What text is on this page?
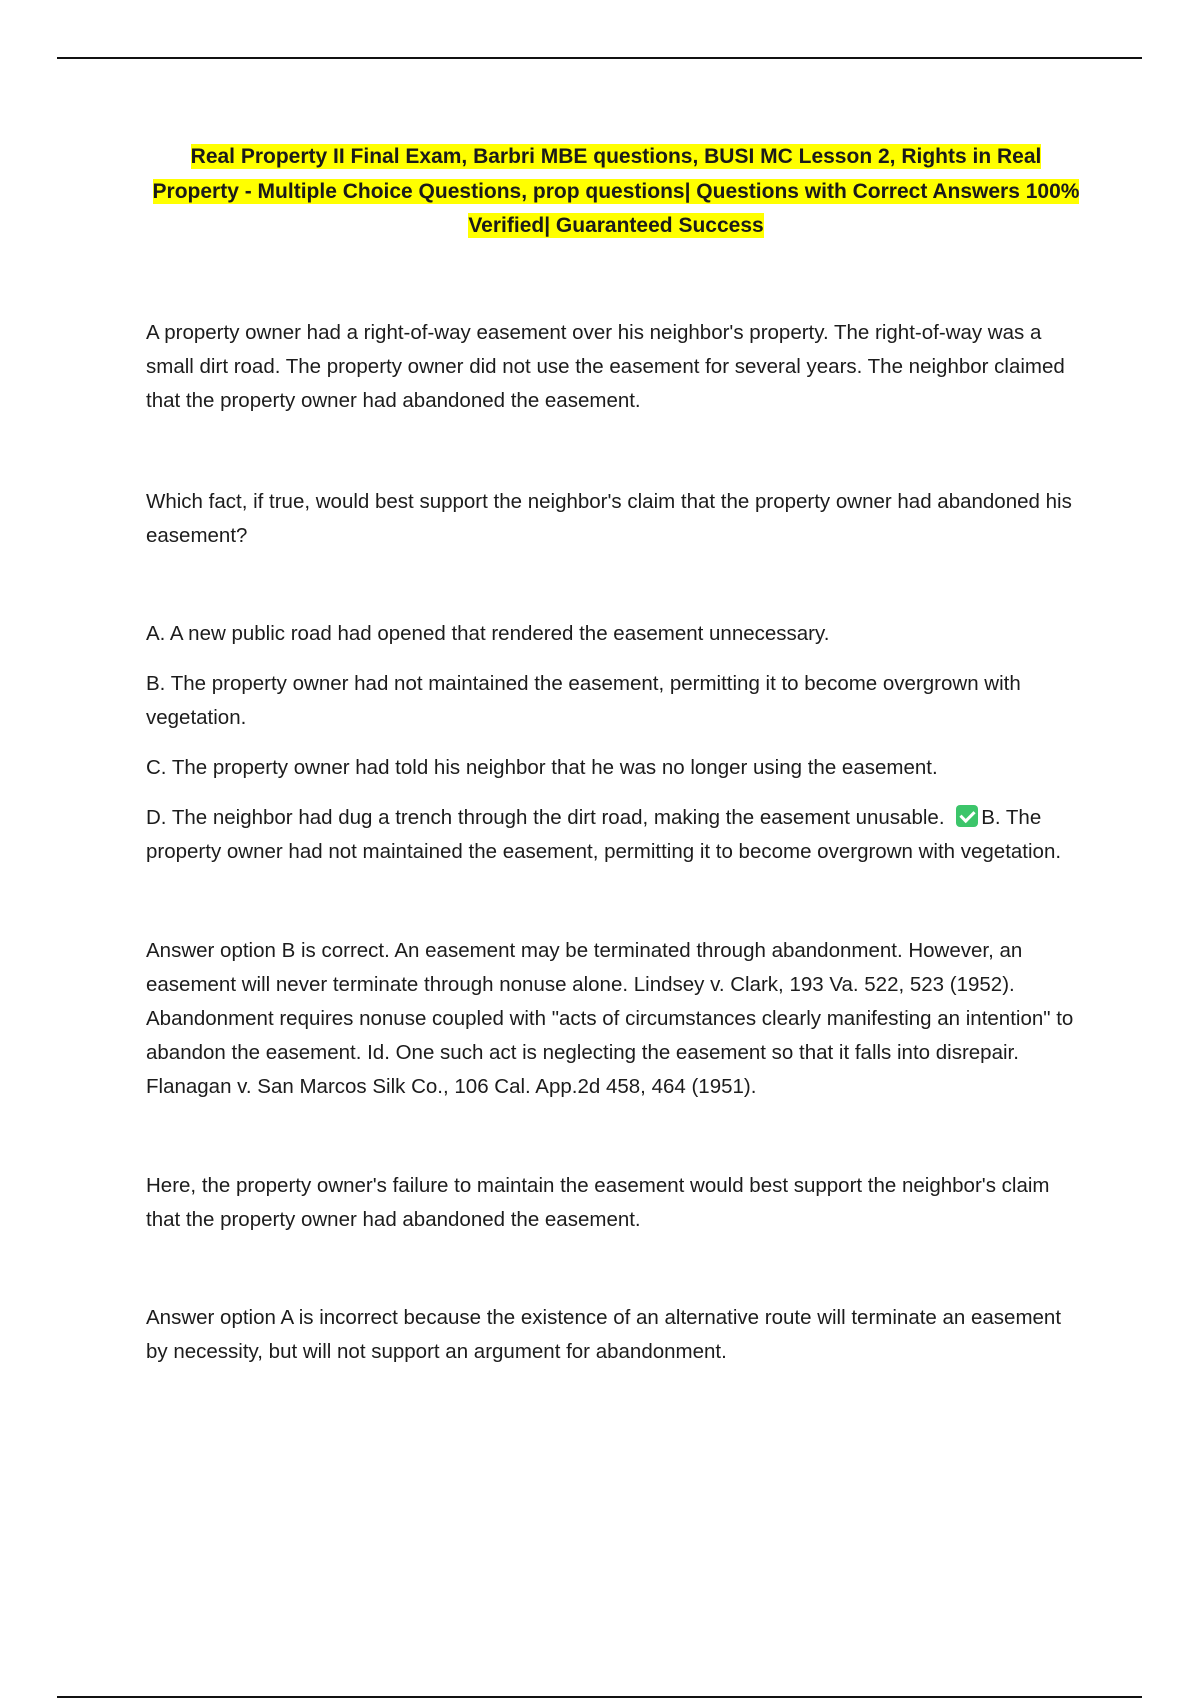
Real Property II Final Exam, Barbri MBE questions, BUSI MC Lesson 2, Rights in Real Property - Multiple Choice Questions, prop questions| Questions with Correct Answers 100% Verified| Guaranteed Success

A property owner had a right-of-way easement over his neighbor's property. The right-of-way was a small dirt road. The property owner did not use the easement for several years. The neighbor claimed that the property owner had abandoned the easement.

Which fact, if true, would best support the neighbor's claim that the property owner had abandoned his easement?

A. A new public road had opened that rendered the easement unnecessary.

B. The property owner had not maintained the easement, permitting it to become overgrown with vegetation.

C. The property owner had told his neighbor that he was no longer using the easement.

D. The neighbor had dug a trench through the dirt road, making the easement unusable. B. The property owner had not maintained the easement, permitting it to become overgrown with vegetation.

Answer option B is correct. An easement may be terminated through abandonment. However, an easement will never terminate through nonuse alone. Lindsey v. Clark, 193 Va. 522, 523 (1952). Abandonment requires nonuse coupled with "acts of circumstances clearly manifesting an intention" to abandon the easement. Id. One such act is neglecting the easement so that it falls into disrepair. Flanagan v. San Marcos Silk Co., 106 Cal. App.2d 458, 464 (1951).

Here, the property owner's failure to maintain the easement would best support the neighbor's claim that the property owner had abandoned the easement.

Answer option A is incorrect because the existence of an alternative route will terminate an easement by necessity, but will not support an argument for abandonment.
